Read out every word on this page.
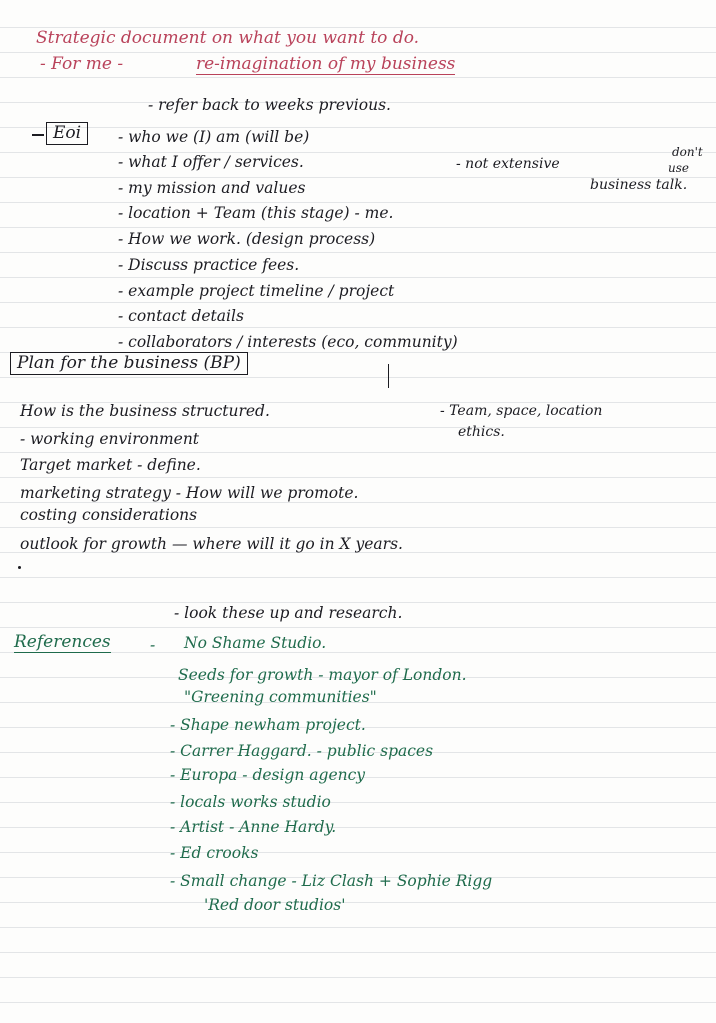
Strategic document on what you want to do.
- For me -	re-imagination of my business
- refer back to weeks previous.
Eoi	- who we (I) am (will be)
- what I offer / services.	- not extensive
don't
use
business talk.
- my mission and values
- location + Team (this stage) - me.
- How we work. (design process)
- Discuss practice fees.
- example project timeline / project
- contact details
- collaborators / interests (eco, community)
Plan for the business (BP)
How is the business structured.	- Team, space, location
ethics.
- working environment
Target market - define.
marketing strategy - How will we promote.
costing considerations
outlook for growth — where will it go in X years.
- look these up and research.
References	- No Shame Studio.
Seeds for growth - mayor of London.
"Greening communities"
- Shape newham project.
- Carrer Haggard. - public spaces
- Europa - design agency
- locals works studio
- Artist - Anne Hardy.
- Ed crooks
- Small change - Liz Clash + Sophie Rigg
'Red door studios'
